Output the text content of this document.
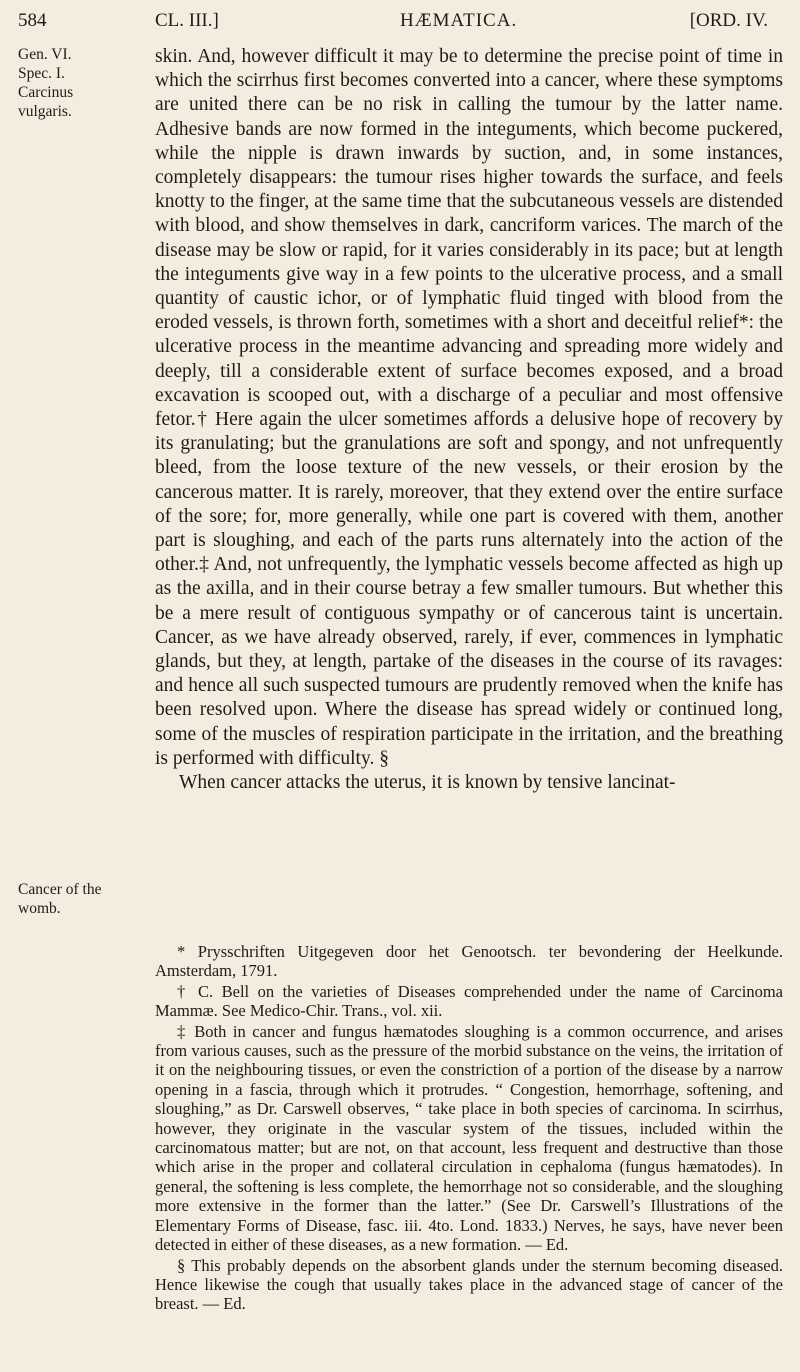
584	CL. III.]	HÆMATICA.	[ORD. IV.
Gen. VI.
Spec. I.
Carcinus
vulgaris.
Cancer of the
womb.

skin. And, however difficult it may be to determine the precise point of time in which the scirrhus first becomes converted into a cancer, where these symptoms are united there can be no risk in calling the tumour by the latter name. Adhesive bands are now formed in the integuments, which become puckered, while the nipple is drawn inwards by suction, and, in some instances, completely disappears: the tumour rises higher towards the surface, and feels knotty to the finger, at the same time that the subcutaneous vessels are distended with blood, and show themselves in dark, cancriform varices. The march of the disease may be slow or rapid, for it varies considerably in its pace; but at length the integuments give way in a few points to the ulcerative process, and a small quantity of caustic ichor, or of lymphatic fluid tinged with blood from the eroded vessels, is thrown forth, sometimes with a short and deceitful relief*: the ulcerative process in the meantime advancing and spreading more widely and deeply, till a considerable extent of surface becomes exposed, and a broad excavation is scooped out, with a discharge of a peculiar and most offensive fetor.† Here again the ulcer sometimes affords a delusive hope of recovery by its granulating; but the granulations are soft and spongy, and not unfrequently bleed, from the loose texture of the new vessels, or their erosion by the cancerous matter. It is rarely, moreover, that they extend over the entire surface of the sore; for, more generally, while one part is covered with them, another part is sloughing, and each of the parts runs alternately into the action of the other.‡ And, not unfrequently, the lymphatic vessels become affected as high up as the axilla, and in their course betray a few smaller tumours. But whether this be a mere result of contiguous sympathy or of cancerous taint is uncertain. Cancer, as we have already observed, rarely, if ever, commences in lymphatic glands, but they, at length, partake of the diseases in the course of its ravages: and hence all such suspected tumours are prudently removed when the knife has been resolved upon. Where the disease has spread widely or continued long, some of the muscles of respiration participate in the irritation, and the breathing is performed with difficulty. §

When cancer attacks the uterus, it is known by tensive lancinat-

* Prysschriften Uitgegeven door het Genootsch. ter bevondering der Heelkunde. Amsterdam, 1791.

† C. Bell on the varieties of Diseases comprehended under the name of Carcinoma Mammæ. See Medico-Chir. Trans., vol. xii.

‡ Both in cancer and fungus hæmatodes sloughing is a common occurrence, and arises from various causes, such as the pressure of the morbid substance on the veins, the irritation of it on the neighbouring tissues, or even the constriction of a portion of the disease by a narrow opening in a fascia, through which it protrudes. “ Congestion, hemorrhage, softening, and sloughing,” as Dr. Carswell observes, “ take place in both species of carcinoma. In scirrhus, however, they originate in the vascular system of the tissues, included within the carcinomatous matter; but are not, on that account, less frequent and destructive than those which arise in the proper and collateral circulation in cephaloma (fungus hæmatodes). In general, the softening is less complete, the hemorrhage not so considerable, and the sloughing more extensive in the former than the latter.” (See Dr. Carswell’s Illustrations of the Elementary Forms of Disease, fasc. iii. 4to. Lond. 1833.) Nerves, he says, have never been detected in either of these diseases, as a new formation. — Ed.

§ This probably depends on the absorbent glands under the sternum becoming diseased. Hence likewise the cough that usually takes place in the advanced stage of cancer of the breast. — Ed.
